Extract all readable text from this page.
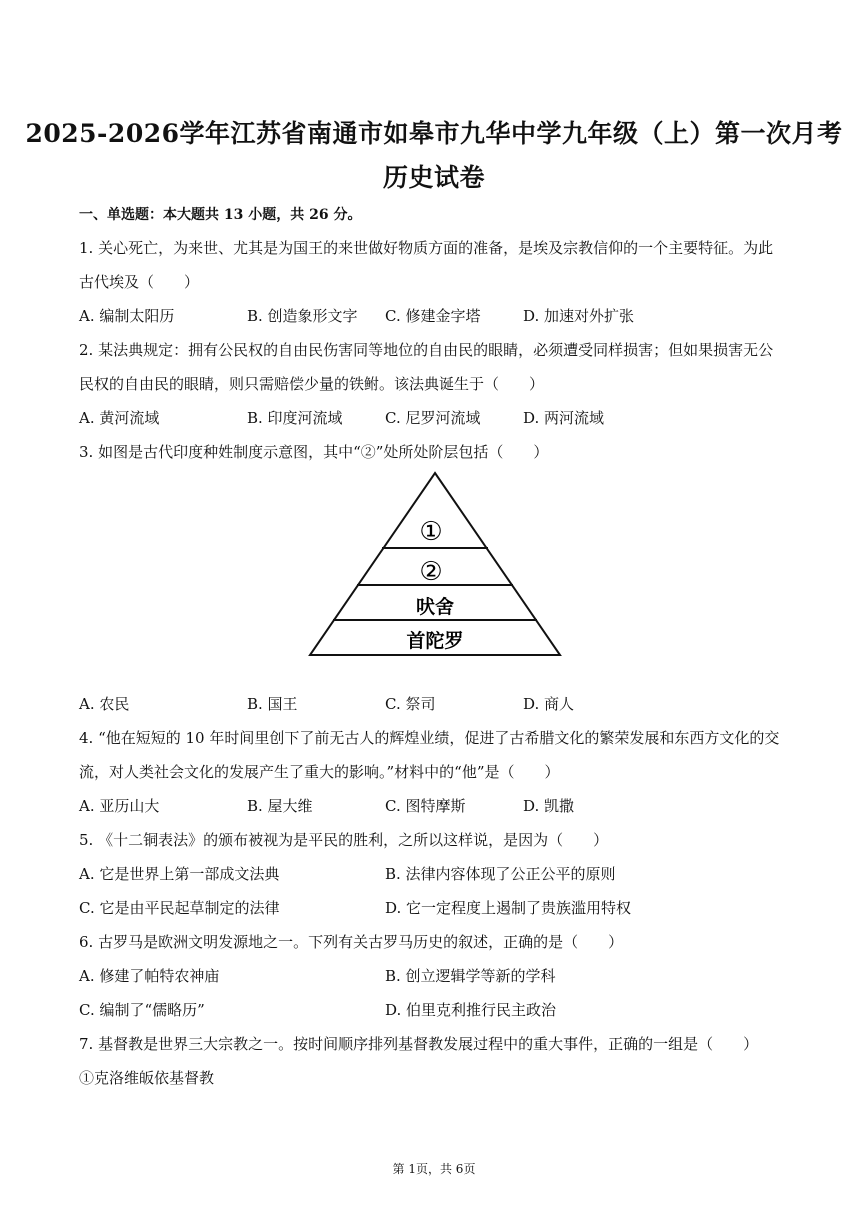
2025-2026学年江苏省南通市如皋市九华中学九年级（上）第一次月考
历史试卷
一、单选题：本大题共 13 小题，共 26 分。
1. 关心死亡，为来世、尤其是为国王的来世做好物质方面的准备，是埃及宗教信仰的一个主要特征。为此
古代埃及（　　）
A. 编制太阳历	B. 创造象形文字 C. 修建金字塔	D. 加速对外扩张
2. 某法典规定：拥有公民权的自由民伤害同等地位的自由民的眼睛，必须遭受同样损害；但如果损害无公
民权的自由民的眼睛，则只需赔偿少量的铁鲋。该法典诞生于（　　）
A. 黄河流域	B. 印度河流域	C. 尼罗河流域	D. 两河流域
3. 如图是古代印度种姓制度示意图，其中“②”处所处阶层包括（　　）
①
②
吠舍
首陀罗
A. 农民	B. 国王	C. 祭司	D. 商人
4. “他在短短的 10 年时间里创下了前无古人的辉煌业绩，促进了古希腊文化的繁荣发展和东西方文化的交
流，对人类社会文化的发展产生了重大的影响。”材料中的“他”是（　　）
A. 亚历山大	B. 屋大维	C. 图特摩斯	D. 凯撒
5. 《十二铜表法》的颁布被视为是平民的胜利，之所以这样说，是因为（　　）
A. 它是世界上第一部成文法典	B. 法律内容体现了公正公平的原则
C. 它是由平民起草制定的法律	D. 它一定程度上遏制了贵族滥用特权
6. 古罗马是欧洲文明发源地之一。下列有关古罗马历史的叙述，正确的是（　　）
A. 修建了帕特农神庙	B. 创立逻辑学等新的学科
C. 编制了“儒略历”	D. 伯里克利推行民主政治
7. 基督教是世界三大宗教之一。按时间顺序排列基督教发展过程中的重大事件，正确的一组是（　　）
①克洛维皈依基督教
第 1页，共 6页
